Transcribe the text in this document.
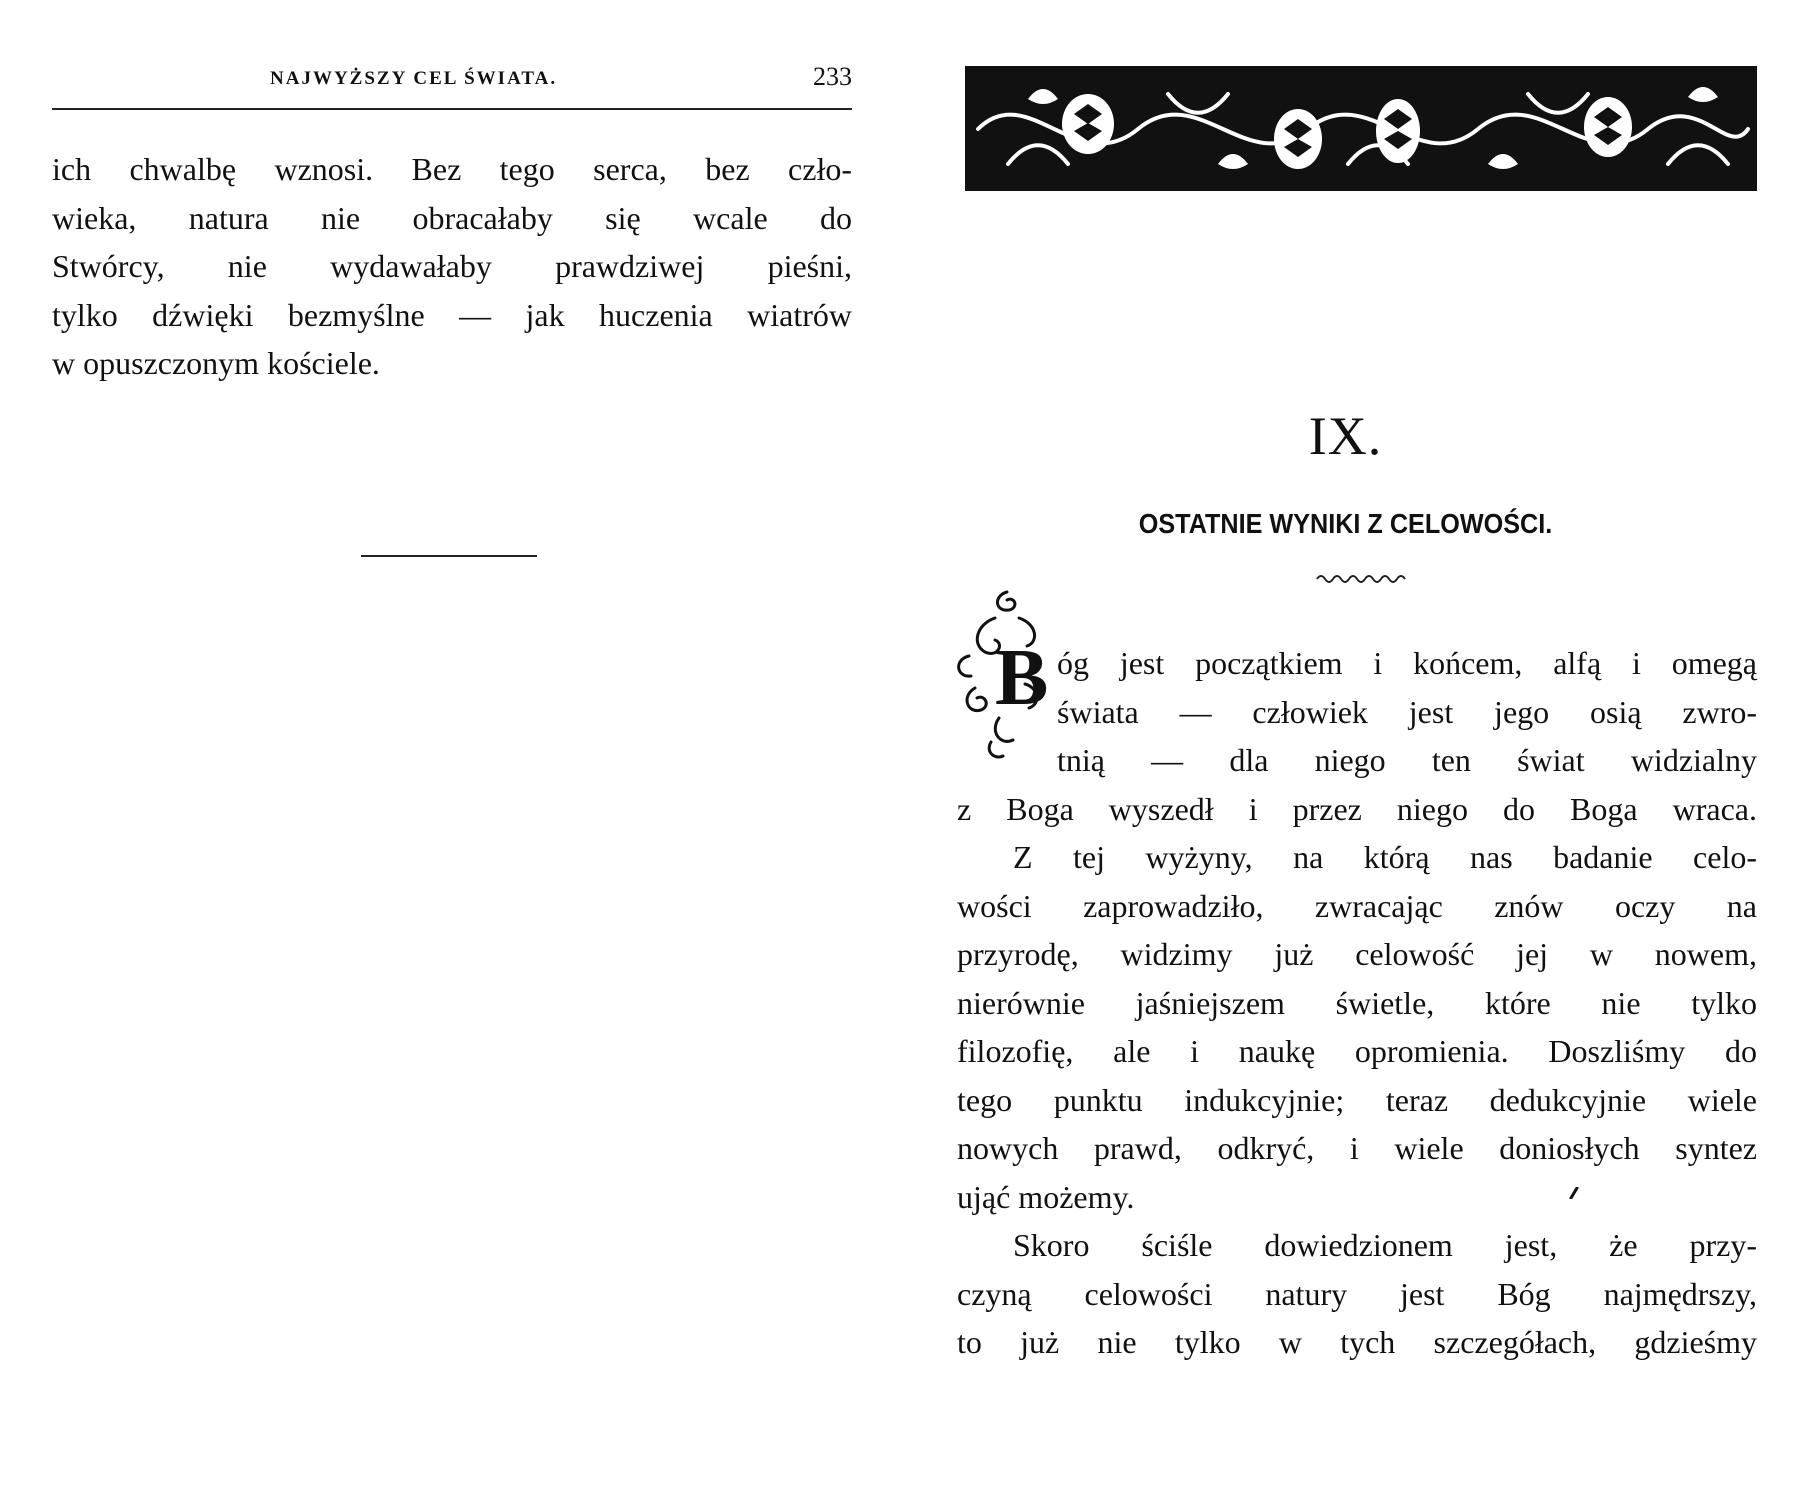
NAJWYŻSZY CEL ŚWIATA.	233

ich chwalbę wznosi. Bez tego serca, bez czło-
wieka, natura nie obracałaby się wcale do
Stwórcy, nie wydawałaby prawdziwej pieśni,
tylko dźwięki bezmyślne — jak huczenia wiatrów
w opuszczonym kościele.

IX.
OSTATNIE WYNIKI Z CELOWOŚCI.
B óg jest początkiem i końcem, alfą i omegą
świata — człowiek jest jego osią zwro-
tnią — dla niego ten świat widzialny
z Boga wyszedł i przez niego do Boga wraca.
Z tej wyżyny, na którą nas badanie celo-
wości zaprowadziło, zwracając znów oczy na
przyrodę, widzimy już celowość jej w nowem,
nierównie jaśniejszem świetle, które nie tylko
filozofię, ale i naukę opromienia. Doszliśmy do
tego punktu indukcyjnie; teraz dedukcyjnie wiele
nowych prawd, odkryć, i wiele doniosłych syntez
ująć możemy.
Skoro ściśle dowiedzionem jest, że przy-
czyną celowości natury jest Bóg najmędrszy,
to już nie tylko w tych szczegółach, gdzieśmy
